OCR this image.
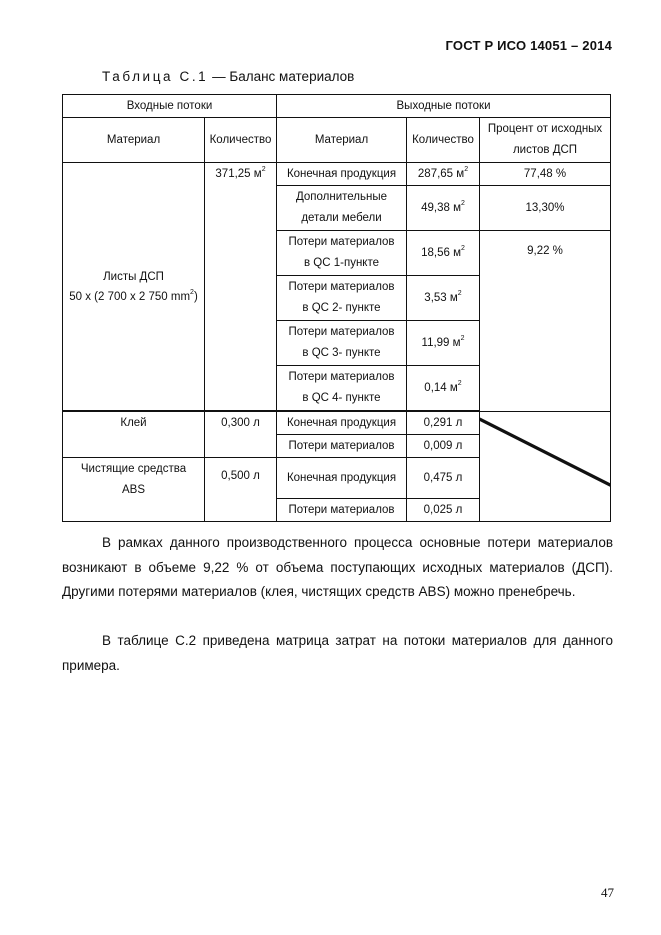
ГОСТ Р ИСО 14051 – 2014
Таблица С.1 — Баланс материалов
Входные потоки		Выходные потоки		
Материал	Количество	Материал	Количество	Процент от исходных
листов ДСП

Листы ДСП
50 х (2 700 х 2 750 $mm^2$)	371,25 $м^2$	Конечная продукция	287,65 $м^2$	77,48 %

		Дополнительные
детали мебели	49,38 $м^2$	13,30%

		Потери материалов
в QC 1-пункте	18,56 $м^2$	9,22 %

		Потери материалов
в QC 2- пункте	3,53 $м^2$

		Потери материалов
в QC 3- пункте	11,99 $м^2$

		Потери материалов
в QC 4- пункте	0,14 $м^2$
Клей	0,300 л	Конечная продукция	0,291 л	

		Потери материалов	0,009 л	

Чистящие средства
ABS	0,500 л	Конечная продукция	0,475 л	
		Потери материалов	0,025 л	

В рамках данного производственного процесса основные потери материалов возникают в объеме 9,22 % от объема поступающих исходных материалов (ДСП). Другими потерями материалов (клея, чистящих средств ABS) можно пренебречь.

В таблице С.2 приведена матрица затрат на потоки материалов для данного примера.

47
